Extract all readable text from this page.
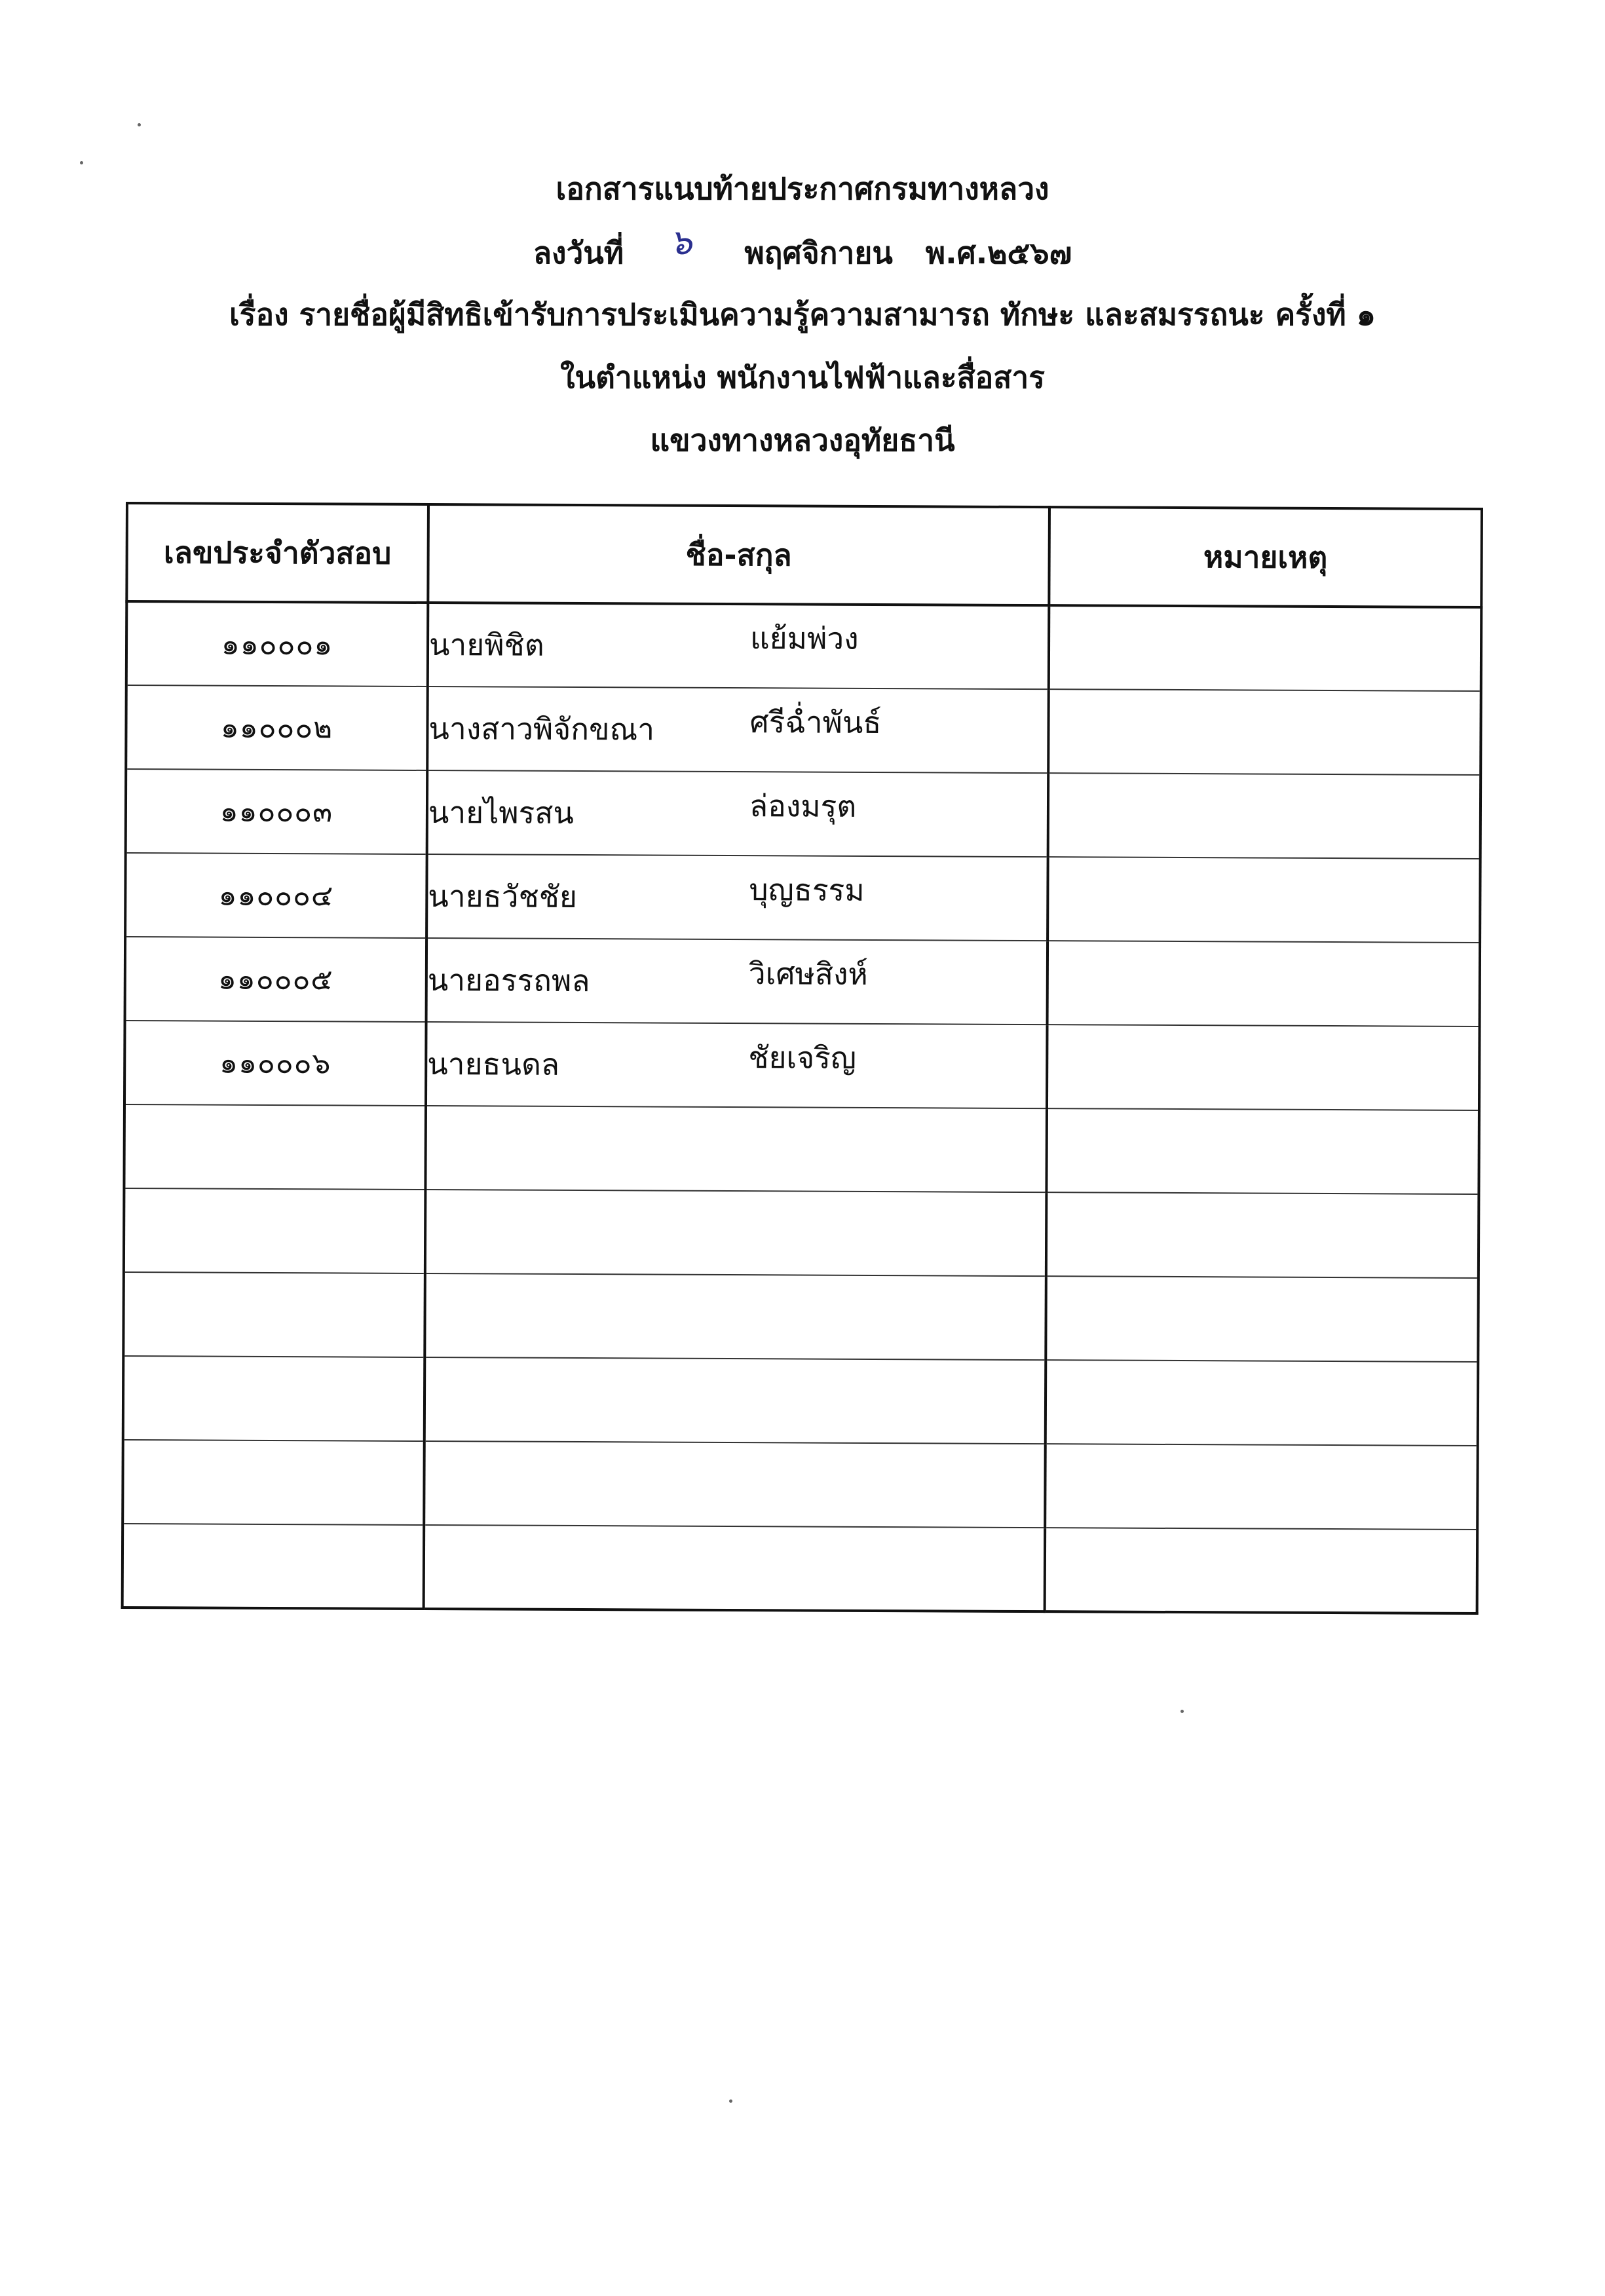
เอกสารแนบท้ายประกาศกรมทางหลวง
ลงวันที่ ๖ พฤศจิกายน พ.ศ.๒๕๖๗
เรื่อง รายชื่อผู้มีสิทธิเข้ารับการประเมินความรู้ความสามารถ ทักษะ และสมรรถนะ ครั้งที่ ๑
ในตำแหน่ง พนักงานไฟฟ้าและสื่อสาร
แขวงทางหลวงอุทัยธานี
เลขประจำตัวสอบ	ชื่อ-สกุล	หมายเหตุ
๑๑๐๐๐๑	นายพิชิต แย้มพ่วง	
๑๑๐๐๐๒	นางสาวพิจักขณา ศรีฉ่ำพันธ์	
๑๑๐๐๐๓	นายไพรสน ล่องมรุต	
๑๑๐๐๐๔	นายธวัชชัย บุญธรรม	
๑๑๐๐๐๕	นายอรรถพล วิเศษสิงห์	
๑๑๐๐๐๖	นายธนดล ชัยเจริญ	
